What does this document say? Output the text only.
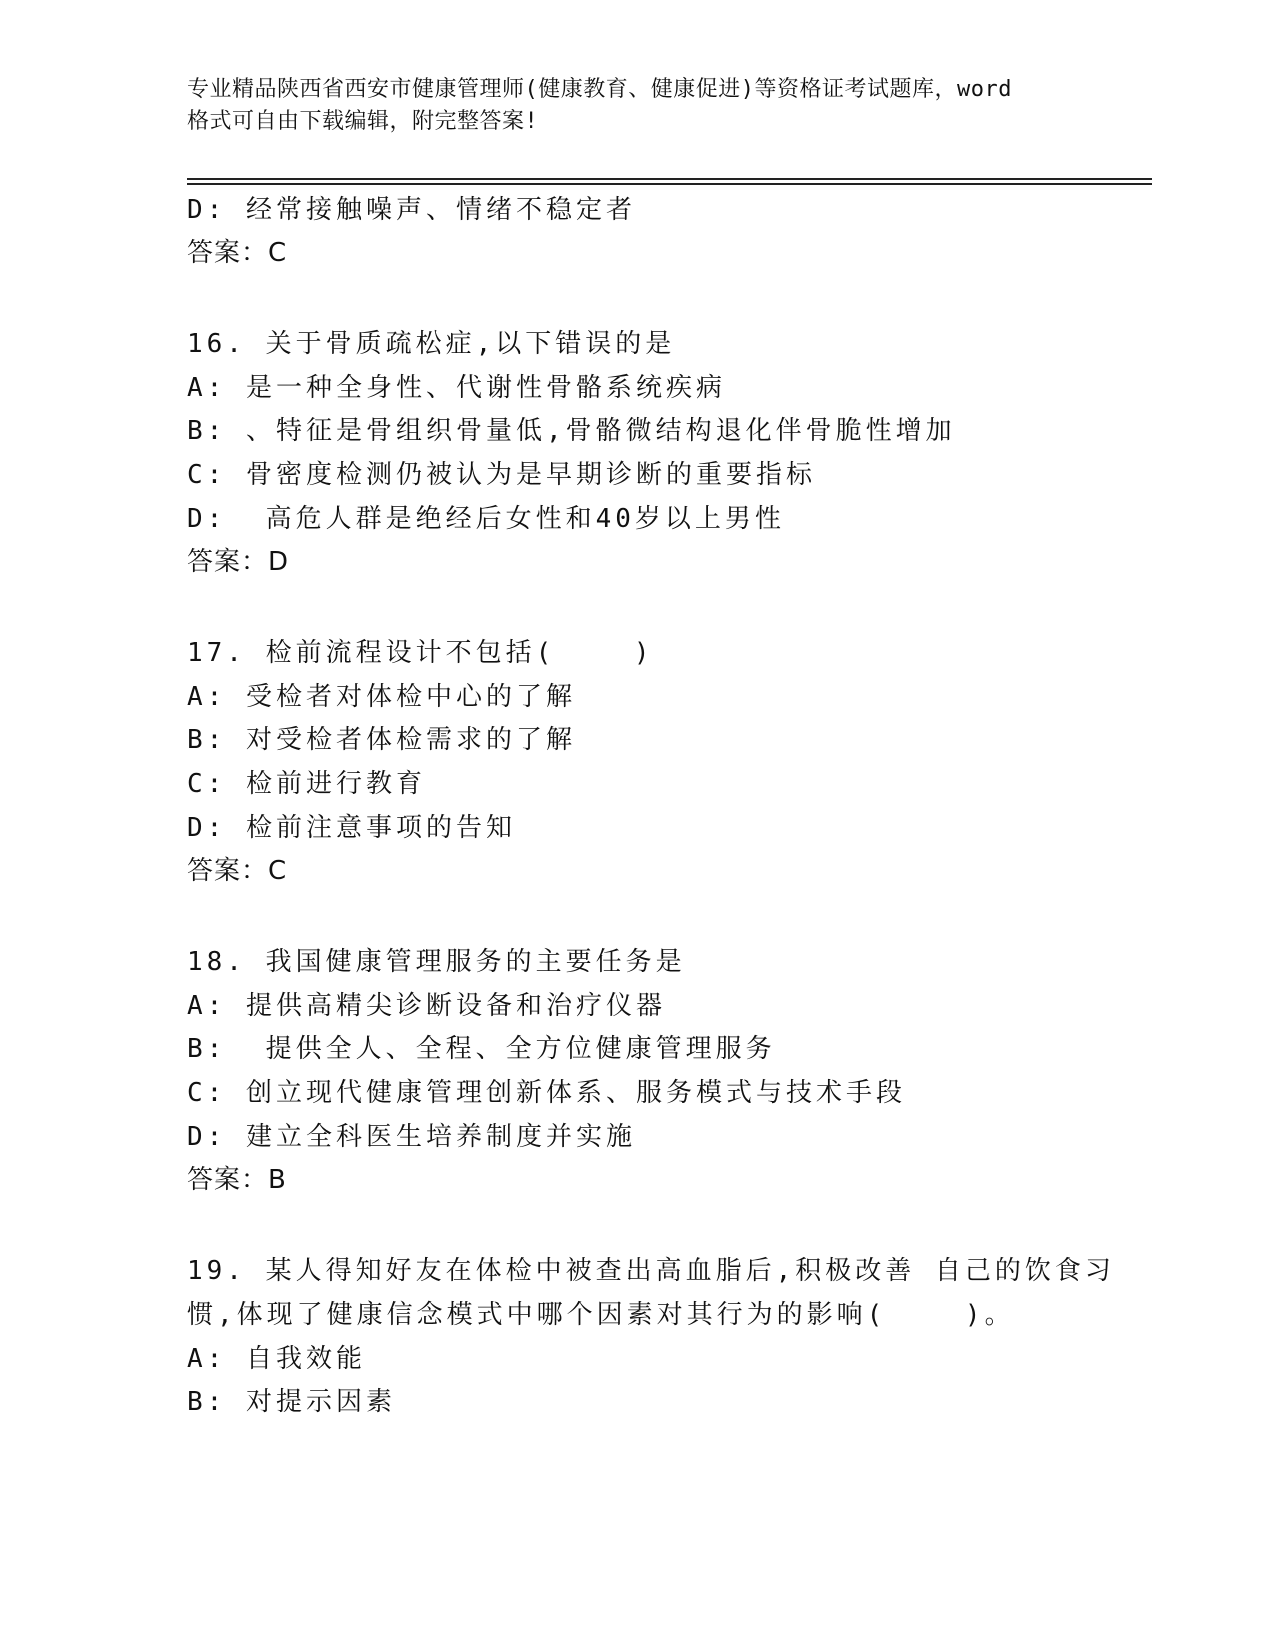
专业精品陕西省西安市健康管理师(健康教育、健康促进)等资格证考试题库，word
格式可自由下载编辑，附完整答案!
D: 经常接触噪声、情绪不稳定者
答案：C
16. 关于骨质疏松症,以下错误的是
A: 是一种全身性、代谢性骨骼系统疾病
B: 、特征是骨组织骨量低,骨骼微结构退化伴骨脆性增加
C: 骨密度检测仍被认为是早期诊断的重要指标
D:  高危人群是绝经后女性和40岁以上男性
答案：D
17. 检前流程设计不包括(    )
A: 受检者对体检中心的了解
B: 对受检者体检需求的了解
C: 检前进行教育
D: 检前注意事项的告知
答案：C
18. 我国健康管理服务的主要任务是
A: 提供高精尖诊断设备和治疗仪器
B:  提供全人、全程、全方位健康管理服务
C: 创立现代健康管理创新体系、服务模式与技术手段
D: 建立全科医生培养制度并实施
答案：B
19. 某人得知好友在体检中被查出高血脂后,积极改善 自己的饮食习
惯,体现了健康信念模式中哪个因素对其行为的影响(    )。
A: 自我效能
B: 对提示因素
